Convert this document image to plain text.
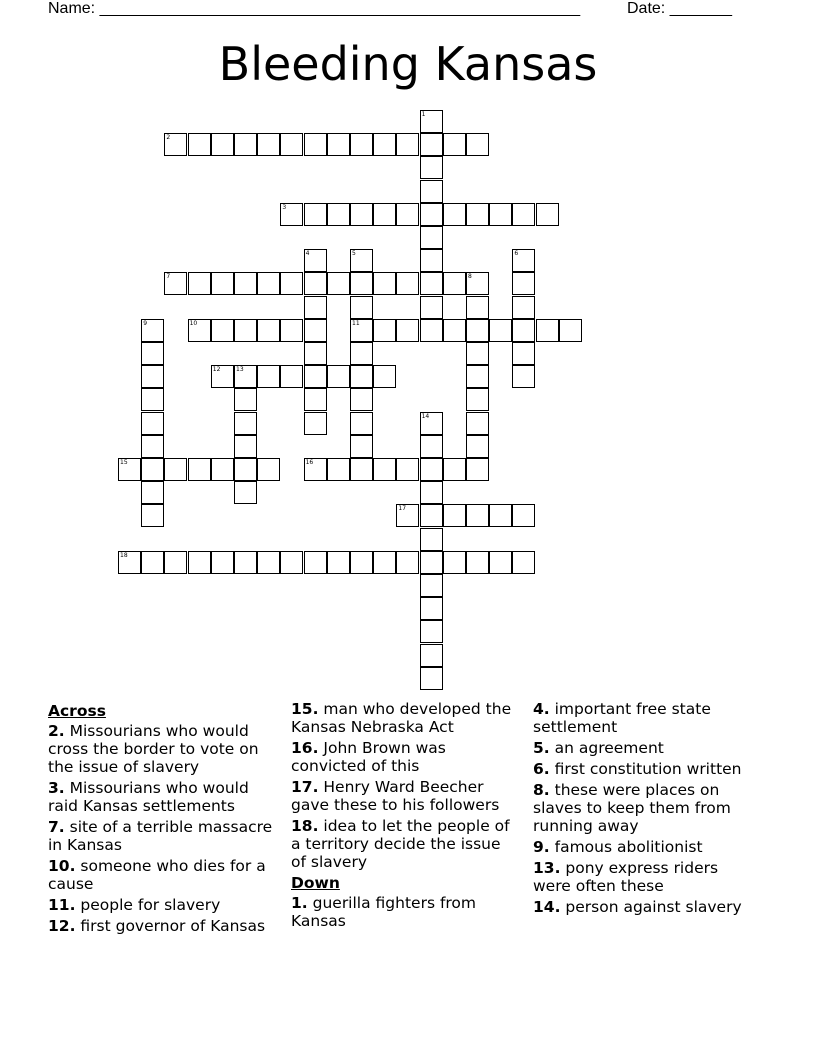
Name: ______________________________________________________	Date: _______
Bleeding Kansas
2
3
7	8
10	11
12	13
15	16
17
18
1
4	5	6
9
14
Across
2. Missourians who would cross the border to vote on the issue of slavery
3. Missourians who would raid Kansas settlements
7. site of a terrible massacre in Kansas
10. someone who dies for a cause
11. people for slavery
12. first governor of Kansas
15. man who developed the Kansas Nebraska Act
16. John Brown was convicted of this
17. Henry Ward Beecher gave these to his followers
18. idea to let the people of a territory decide the issue of slavery
Down
1. guerilla fighters from Kansas
4. important free state settlement
5. an agreement
6. first constitution written
8. these were places on slaves to keep them from running away
9. famous abolitionist
13. pony express riders were often these
14. person against slavery
